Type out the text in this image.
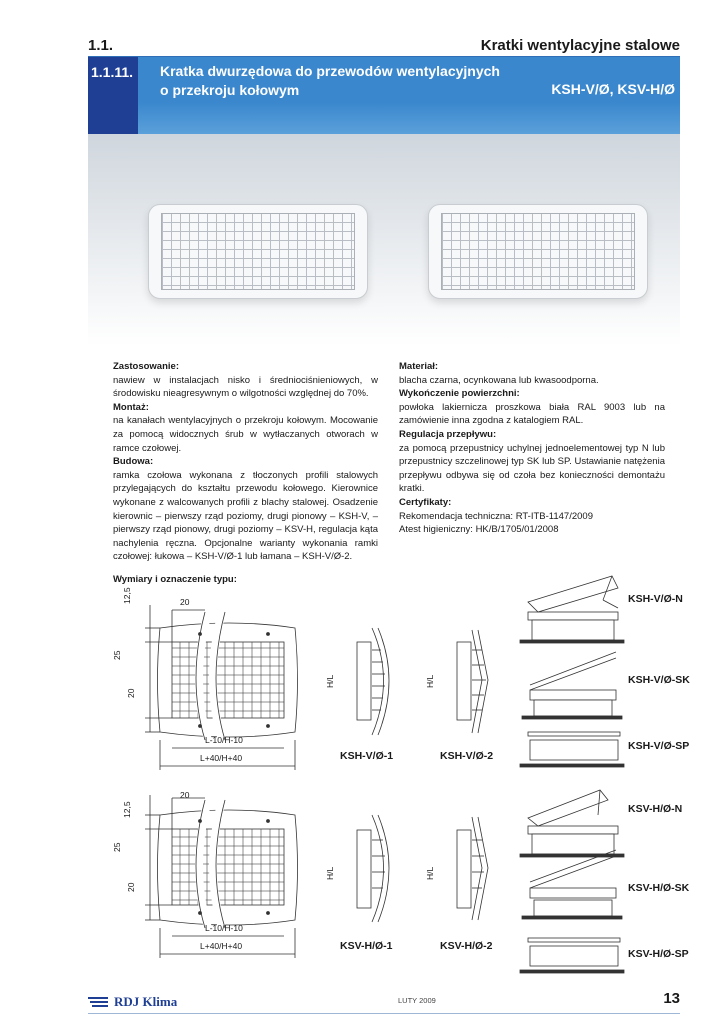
1.1.	Kratki wentylacyjne stalowe
1.1.11. Kratka dwurzędowa do przewodów wentylacyjnych
o przekroju kołowym	KSH-V/Ø, KSV-H/Ø
Zastosowanie:

nawiew w instalacjach nisko i średniociśnieniowych, w środowisku nieagresywnym o wilgotności względnej do 70%.

Montaż:

na kanałach wentylacyjnych o przekroju kołowym. Mocowanie za pomocą widocznych śrub w wytłaczanych otworach w ramce czołowej.

Budowa:

ramka czołowa wykonana z tłoczonych profili stalowych przylegających do kształtu przewodu kołowego. Kierownice wykonane z walcowanych profili z blachy stalowej. Osadzenie kierownic – pierwszy rząd poziomy, drugi pionowy – KSH-V, – pierwszy rząd pionowy, drugi poziomy – KSV-H, regulacja kąta nachylenia ręczna. Opcjonalne warianty wykonania ramki czołowej: łukowa – KSH-V/Ø-1 lub łamana – KSH-V/Ø-2.

Materiał:

blacha czarna, ocynkowana lub kwasoodporna.

Wykończenie powierzchni:

powłoka lakiernicza proszkowa biała RAL 9003 lub na zamówienie inna zgodna z katalogiem RAL.

Regulacja przepływu:

za pomocą przepustnicy uchylnej jednoelementowej typ N lub przepustnicy szczelinowej typ SK lub SP. Ustawianie natężenia przepływu odbywa się od czoła bez konieczności demontażu kratki.

Certyfikaty:

Rekomendacja techniczna: RT-ITB-1147/2009

Atest higieniczny: HK/B/1705/01/2008

Wymiary i oznaczenie typu:
20
12,5
25
20
L-10/H-10
L+40/H+40
H/L	H/L
20
12,5
25
20
L-10/H-10
L+40/H+40
H/L	H/L
KSH-V/Ø-1	KSH-V/Ø-2
KSV-H/Ø-1	KSV-H/Ø-2
KSH-V/Ø-N
KSH-V/Ø-SK
KSH-V/Ø-SP
KSV-H/Ø-N
KSV-H/Ø-SK
KSV-H/Ø-SP
RDJ Klima	LUTY 2009	13
